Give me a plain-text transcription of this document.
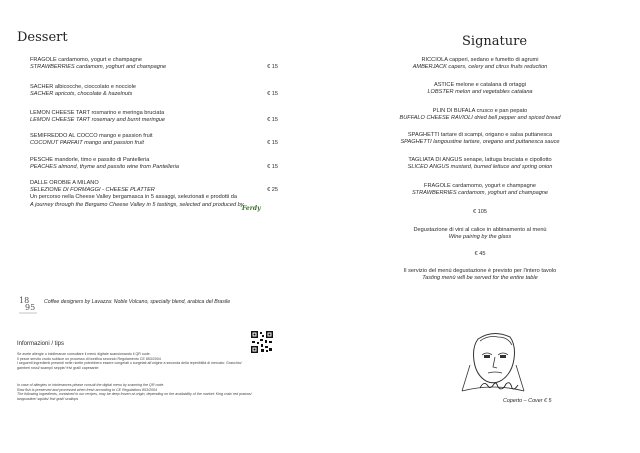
Dessert
FRAGOLE cardamomo, yogurt e champagne
STRAWBERRIES cardamom, yoghurt and champagne	€ 15
SACHER albicocche, cioccolato e nocciole
SACHER apricots, chocolate & hazelnuts	€ 15
LEMON CHEESE TART rosmarino e meringa bruciata
LEMON CHEESE TART rosemary and burnt meringue	€ 15
SEMIFREDDO AL COCCO mango e passion fruit
COCONUT PARFAIT mango and passion fruit	€ 15
PESCHE mandorle, timo e passito di Pantelleria
PEACHES almond, thyme and passito wine from Pantelleria	€ 15
DALLE OROBIE A MILANO
SELEZIONE DI FORMAGGI - CHEESE PLATTER
Un percorso nella Cheese Valley bergamasca in 5 assaggi, selezionati e prodotti da
A journey through the Bergamo Cheese Valley in 5 tastings, selected and produced by
€ 25
Ferdy
18
95
Coffee designers by Lavazza: Noble Volcano, specialty blend, arabica del Brasile
Informazioni / tips
Se avete allergie o intolleranze consultare il menù digitale scansionando il QR code.
Il pesce servito crudo subisce un processo di bonifica secondo Regolamento CE 853/2004
I seguenti ingredienti presenti nelle ricette potrebbero essere congelati o surgelati all'origine a seconda della reperibilità di mercato: Granchio/
gamberi rossi/ scampi/ seppie/ frivi grail/ capesante
In case of allergies or intolerances please consult the digital menu by scanning the QR code.
Raw fish is preserved and processed when fresh according to CE Regulations 853/2004
The following ingredients, contained in our recipes, may be deep frozen at origin, depending on the availability of the market: King crab/ red prawns/
langoustine/ squids/ frivi grail/ scallops
Signature
RICCIOLA capperi, sedano e fumetto di agrumi
AMBERJACK capers, celery and citrus fruits reduction
ASTICE melone e catalana di ortaggi
LOBSTER melon and vegetables catalana
PLIN DI BUFALA crusco e pan pepato
BUFFALO CHEESE RAVIOLI dried bell pepper and spiced bread
SPAGHETTI tartare di scampi, origano e salsa puttanesca
SPAGHETTI langoustine tartare, oregano and puttanesca sauce
TAGLIATA DI ANGUS senape, lattuga bruciata e cipollotto
SLICED ANGUS mustard, burned lettuce and spring onion
FRAGOLE cardamomo, yogurt e champagne
STRAWBERRIES cardamom, yoghurt and champagne
€ 105
Degustazione di vini al calice in abbinamento al menù
Wine pairing by the glass
€ 45
Il servizio del menù degustazione è previsto per l'intero tavolo
Tasting menù will be served for the entire table
Coperto – Cover € 5
